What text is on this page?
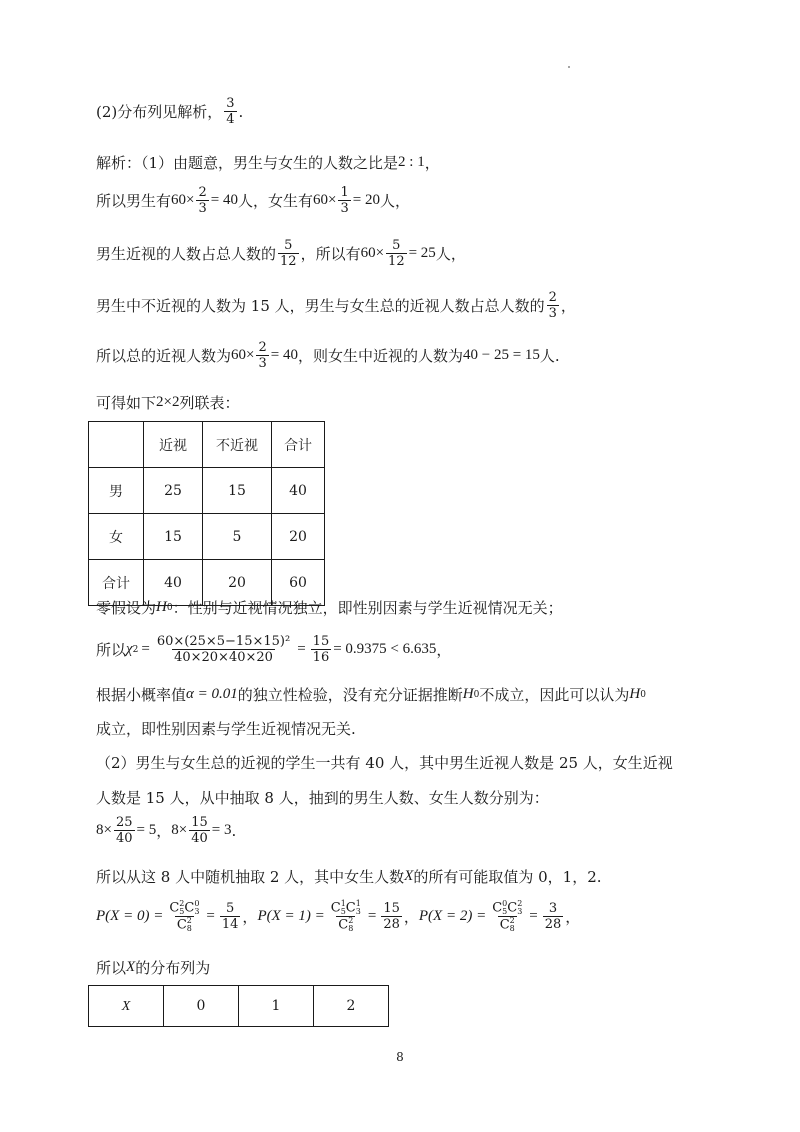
(2)分布列见解析， $\frac{3}{4}$ .
解析：（1）由题意，男生与女生的人数之比是 2 : 1 ，
所以男生有 $60\times \frac{2}{3} = 40$ 人，女生有 $60\times \frac{1}{3} = 20$ 人，
男生近视的人数占总人数的 $\frac{5}{12}$ ，所以有 $60\times \frac{5}{12} = 25$ 人，
男生中不近视的人数为 15 人，男生与女生总的近视人数占总人数的 $\frac{2}{3}$ ，
所以总的近视人数为 $60\times \frac{2}{3} = 40$ ，则女生中近视的人数为 40 − 25 = 15 人.
可得如下 2×2 列联表：
	近视	不近视	合计
男	25	15	40
女	15	5	20
合计	40	20	60
零假设为 H 0 ：性别与近视情况独立，即性别因素与学生近视情况无关；
所以 χ $2 = \frac{\text{60×(25×5−15×15)²}}{40\times 20\times 40\times 20} = \frac{15}{16} = 0.9375 < 6.635$ ，
根据小概率值 α = 0.01 的独立性检验，没有充分证据推断 H 0 不成立，因此可以认为 H 0
成立，即性别因素与学生近视情况无关.
（2）男生与女生总的近视的学生一共有 40 人，其中男生近视人数是 25 人，女生近视
人数是 15 人，从中抽取 8 人，抽到的男生人数、女生人数分别为：
$8\times \frac{25}{40} = 5$ ， $8\times \frac{15}{40} = 3$ .
所以从这 8 人中随机抽取 2 人，其中女生人数 X 的所有可能取值为 0，1，2.
P(X = 0) = C 2
5 C 0
3
C 2
$8 = \frac{5}{14}$ ， P(X = 1) = C 1
5 C 1
3
C 2
$8 = \frac{15}{28}$ ， P(X = 2) = C 0
5 C 2
3
C 2
$8 = \frac{3}{28}$ ，
所以 X 的分布列为
X	0	1	2
8
